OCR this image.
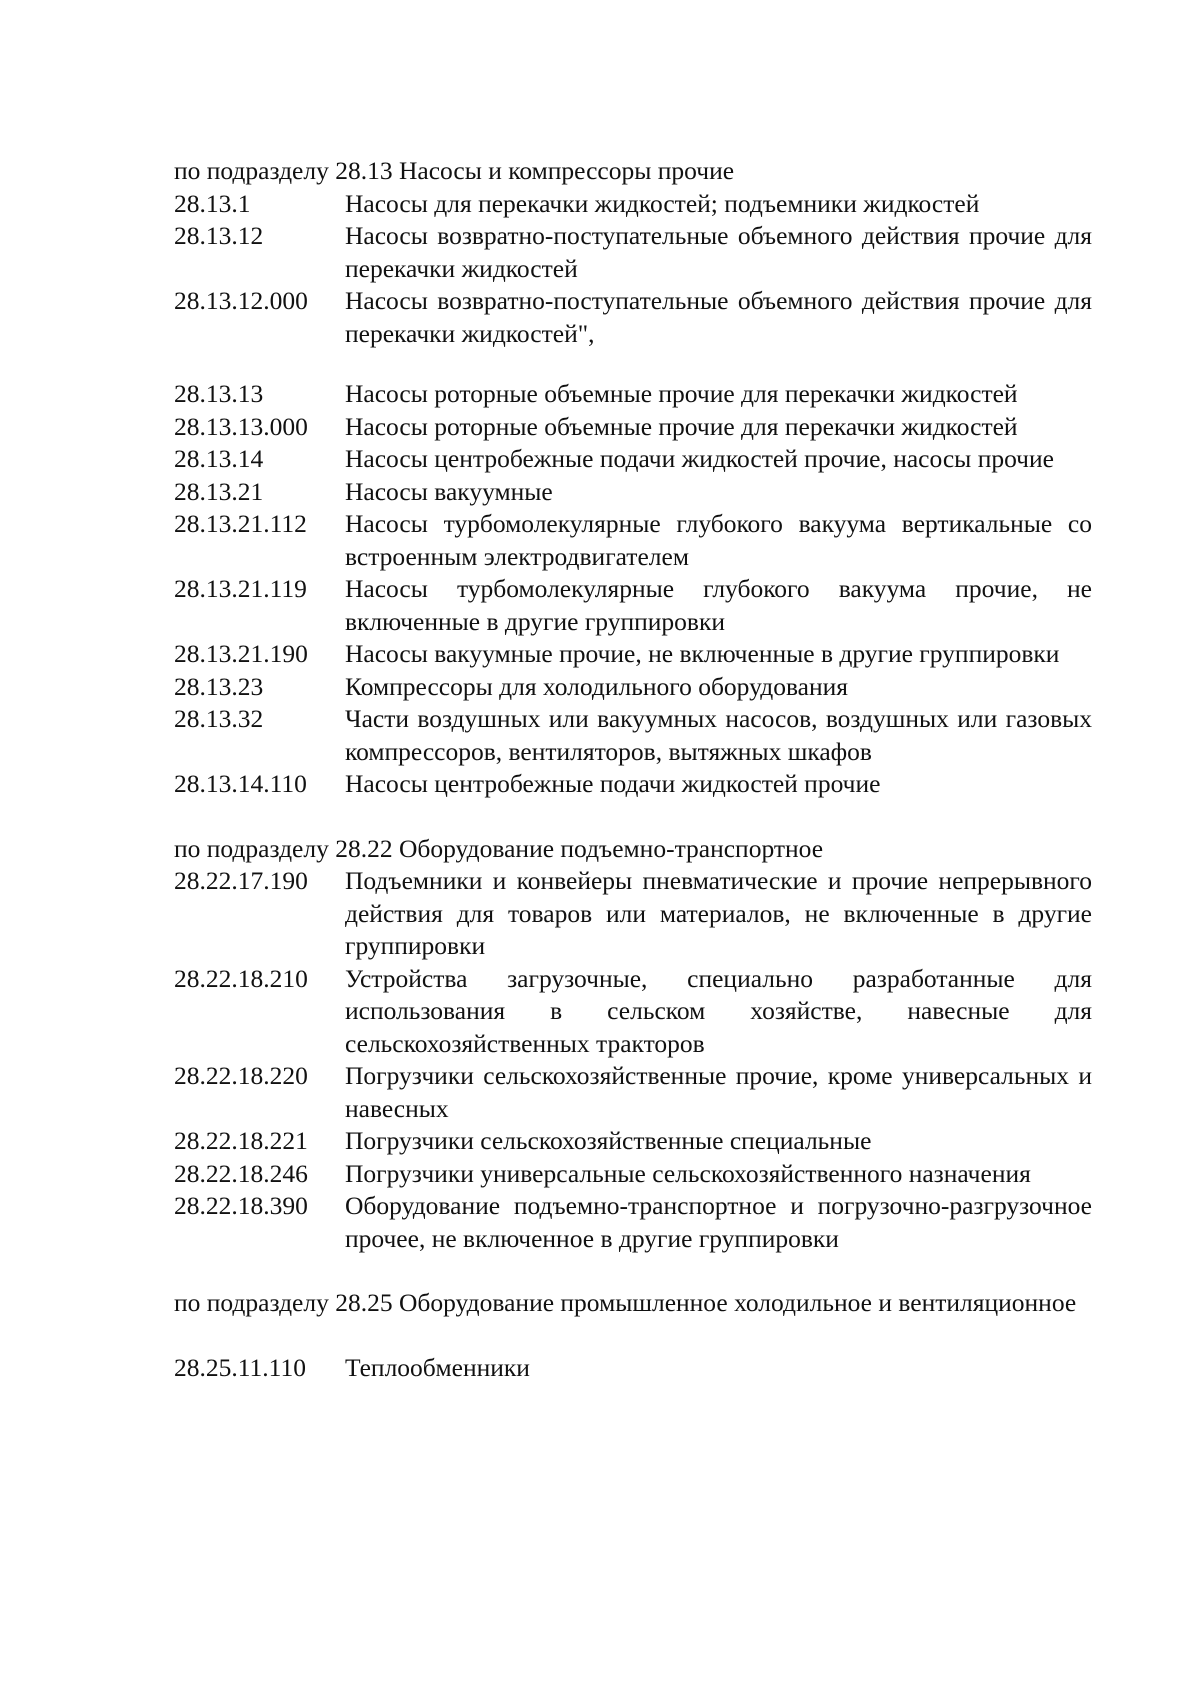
по подразделу 28.13 Насосы и компрессоры прочие

28.13.1	Насосы для перекачки жидкостей; подъемники жидкостей
28.13.12	Насосы возвратно-поступательные объемного действия прочие для перекачки жидкостей
28.13.12.000	Насосы возвратно-поступательные объемного действия прочие для перекачки жидкостей",
28.13.13	Насосы роторные объемные прочие для перекачки жидкостей
28.13.13.000	Насосы роторные объемные прочие для перекачки жидкостей
28.13.14	Насосы центробежные подачи жидкостей прочие, насосы прочие
28.13.21	Насосы вакуумные
28.13.21.112	Насосы турбомолекулярные глубокого вакуума вертикальные со встроенным электродвигателем
28.13.21.119	Насосы турбомолекулярные глубокого вакуума прочие, не включенные в другие группировки
28.13.21.190	Насосы вакуумные прочие, не включенные в другие группировки
28.13.23	Компрессоры для холодильного оборудования
28.13.32	Части воздушных или вакуумных насосов, воздушных или газовых компрессоров, вентиляторов, вытяжных шкафов
28.13.14.110	Насосы центробежные подачи жидкостей прочие

по подразделу 28.22 Оборудование подъемно-транспортное

28.22.17.190	Подъемники и конвейеры пневматические и прочие непрерывного действия для товаров или материалов, не включенные в другие группировки
28.22.18.210	Устройства загрузочные, специально разработанные для использования в сельском хозяйстве, навесные для сельскохозяйственных тракторов
28.22.18.220	Погрузчики сельскохозяйственные прочие, кроме универсальных и навесных
28.22.18.221	Погрузчики сельскохозяйственные специальные
28.22.18.246	Погрузчики универсальные сельскохозяйственного назначения
28.22.18.390	Оборудование подъемно-транспортное и погрузочно-разгрузочное прочее, не включенное в другие группировки

по подразделу 28.25 Оборудование промышленное холодильное и вентиляционное

28.25.11.110	Теплообменники
